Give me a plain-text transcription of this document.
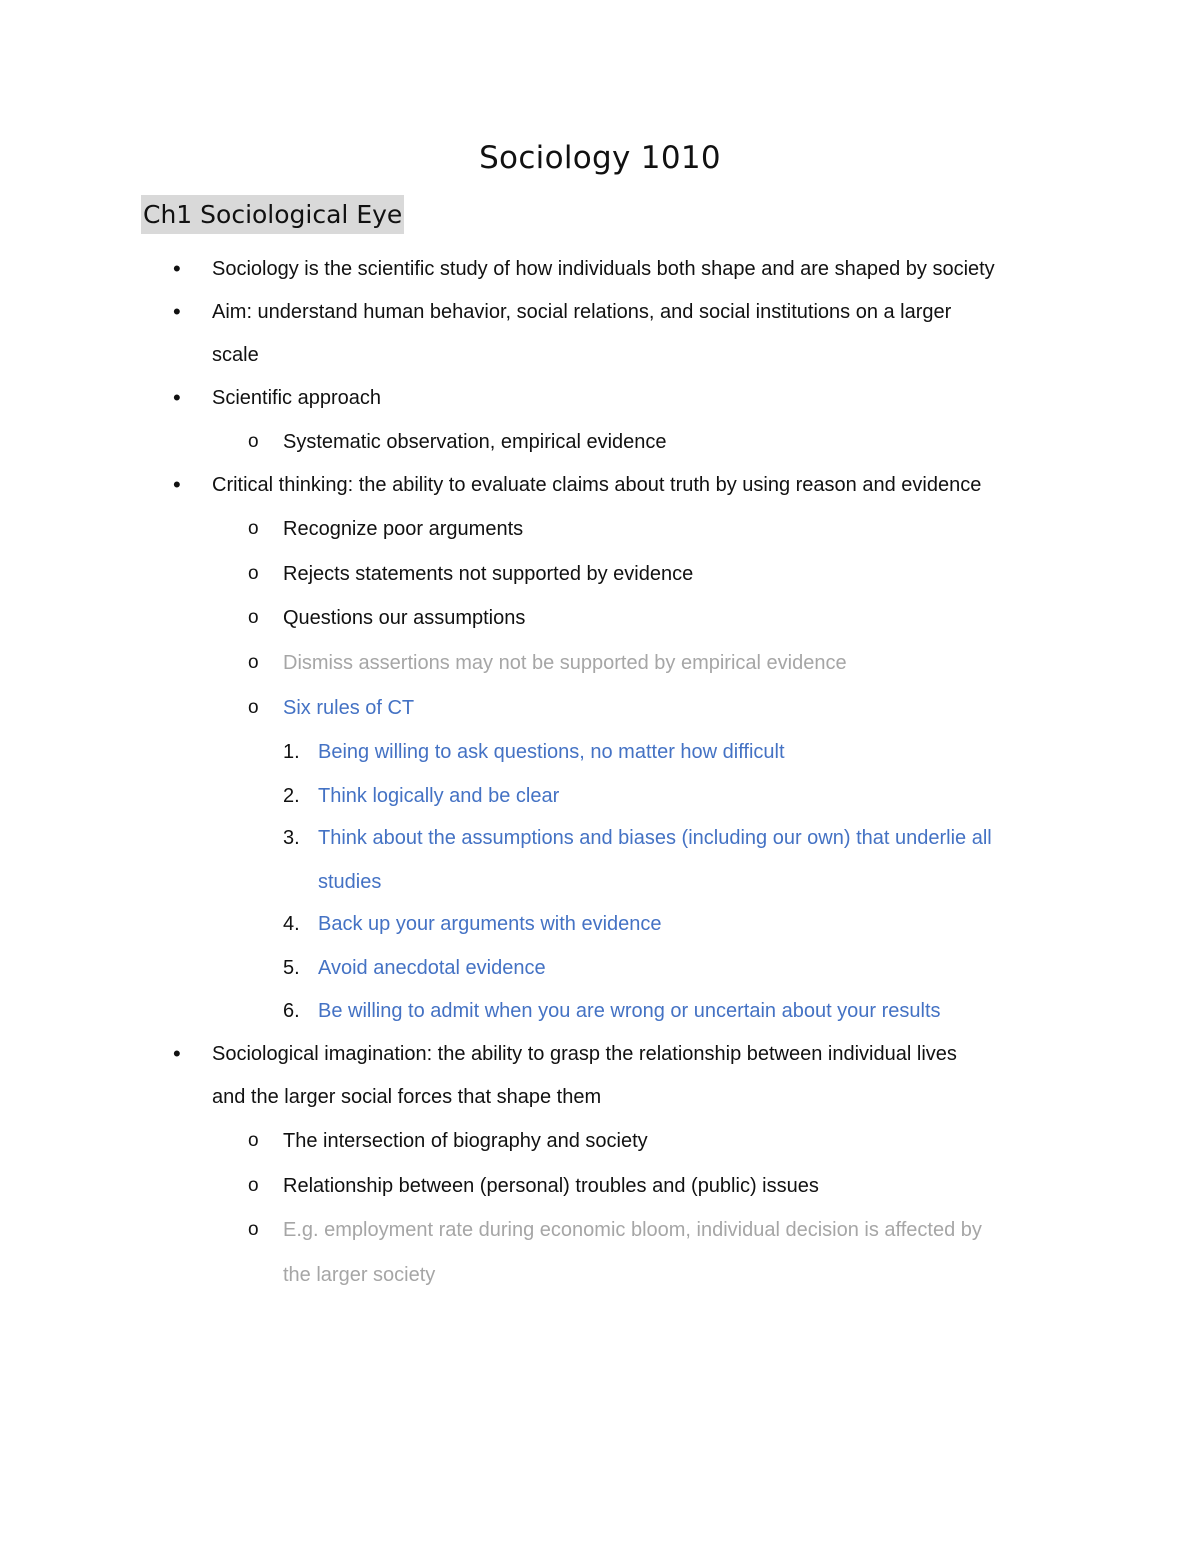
Sociology 1010
Ch1 Sociological Eye
• Sociology is the scientific study of how individuals both shape and are shaped by society
• Aim: understand human behavior, social relations, and social institutions on a larger
scale
• Scientific approach
o Systematic observation, empirical evidence
• Critical thinking: the ability to evaluate claims about truth by using reason and evidence
o Recognize poor arguments
o Rejects statements not supported by evidence
o Questions our assumptions
o Dismiss assertions may not be supported by empirical evidence
o Six rules of CT
1. Being willing to ask questions, no matter how difficult
2. Think logically and be clear
3. Think about the assumptions and biases (including our own) that underlie all
studies
4. Back up your arguments with evidence
5. Avoid anecdotal evidence
6. Be willing to admit when you are wrong or uncertain about your results
• Sociological imagination: the ability to grasp the relationship between individual lives
and the larger social forces that shape them
o The intersection of biography and society
o Relationship between (personal) troubles and (public) issues
o E.g. employment rate during economic bloom, individual decision is affected by
the larger society
